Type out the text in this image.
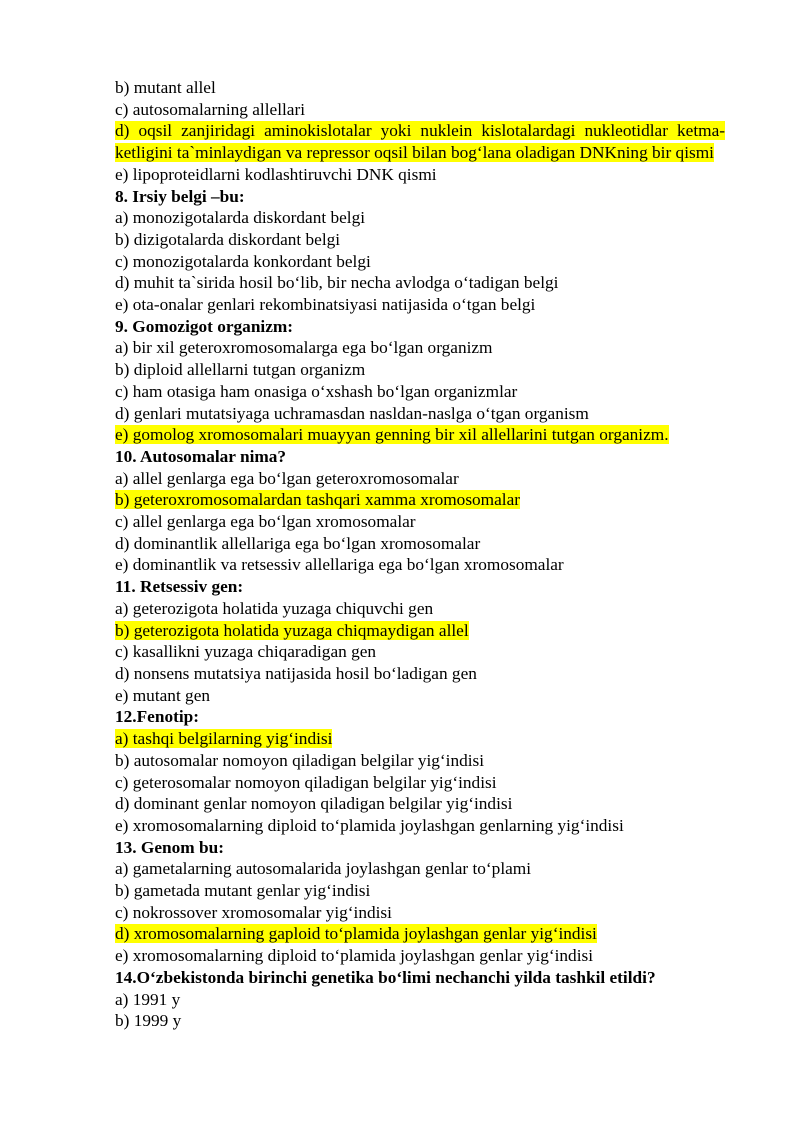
b) mutant allel
c) autosomalarning allellari
d) oqsil zanjiridagi aminokislotalar yoki nuklein kislotalardagi nukleotidlar ketma-ketligini ta`minlaydigan va repressor oqsil bilan bog‘lana oladigan DNKning bir qismi
e) lipoproteidlarni kodlashtiruvchi DNK qismi
8. Irsiy belgi –bu:
a) monozigotalarda diskordant belgi
b) dizigotalarda diskordant belgi
c) monozigotalarda konkordant belgi
d) muhit ta`sirida hosil bo‘lib, bir necha avlodga o‘tadigan belgi
e) ota-onalar genlari rekombinatsiyasi natijasida o‘tgan belgi
9. Gomozigot organizm:
a) bir xil geteroxromosomalarga ega bo‘lgan organizm
b) diploid allellarni tutgan organizm
c) ham otasiga ham onasiga o‘xshash bo‘lgan organizmlar
d) genlari mutatsiyaga uchramasdan nasldan-naslga o‘tgan organism
e) gomolog xromosomalari muayyan genning bir xil allellarini tutgan organizm.
10. Autosomalar nima?
a) allel genlarga ega bo‘lgan geteroxromosomalar
b) geteroxromosomalardan tashqari xamma xromosomalar
c) allel genlarga ega bo‘lgan xromosomalar
d) dominantlik allellariga ega bo‘lgan xromosomalar
e) dominantlik va retsessiv allellariga ega bo‘lgan xromosomalar
11. Retsessiv gen:
a) geterozigota holatida yuzaga chiquvchi gen
b) geterozigota holatida yuzaga chiqmaydigan allel
c) kasallikni yuzaga chiqaradigan gen
d) nonsens mutatsiya natijasida hosil bo‘ladigan gen
e) mutant gen
12.Fenotip:
a) tashqi belgilarning yig‘indisi
b) autosomalar nomoyon qiladigan belgilar yig‘indisi
c) geterosomalar nomoyon qiladigan belgilar yig‘indisi
d) dominant genlar nomoyon qiladigan belgilar yig‘indisi
e) xromosomalarning diploid to‘plamida joylashgan genlarning yig‘indisi
13. Genom bu:
a) gametalarning autosomalarida joylashgan genlar to‘plami
b) gametada mutant genlar yig‘indisi
c) nokrossover xromosomalar yig‘indisi
d) xromosomalarning gaploid to‘plamida joylashgan genlar yig‘indisi
e) xromosomalarning diploid to‘plamida joylashgan genlar yig‘indisi
14.O‘zbekistonda birinchi genetika bo‘limi nechanchi yilda tashkil etildi?
a) 1991 y
b) 1999 y
